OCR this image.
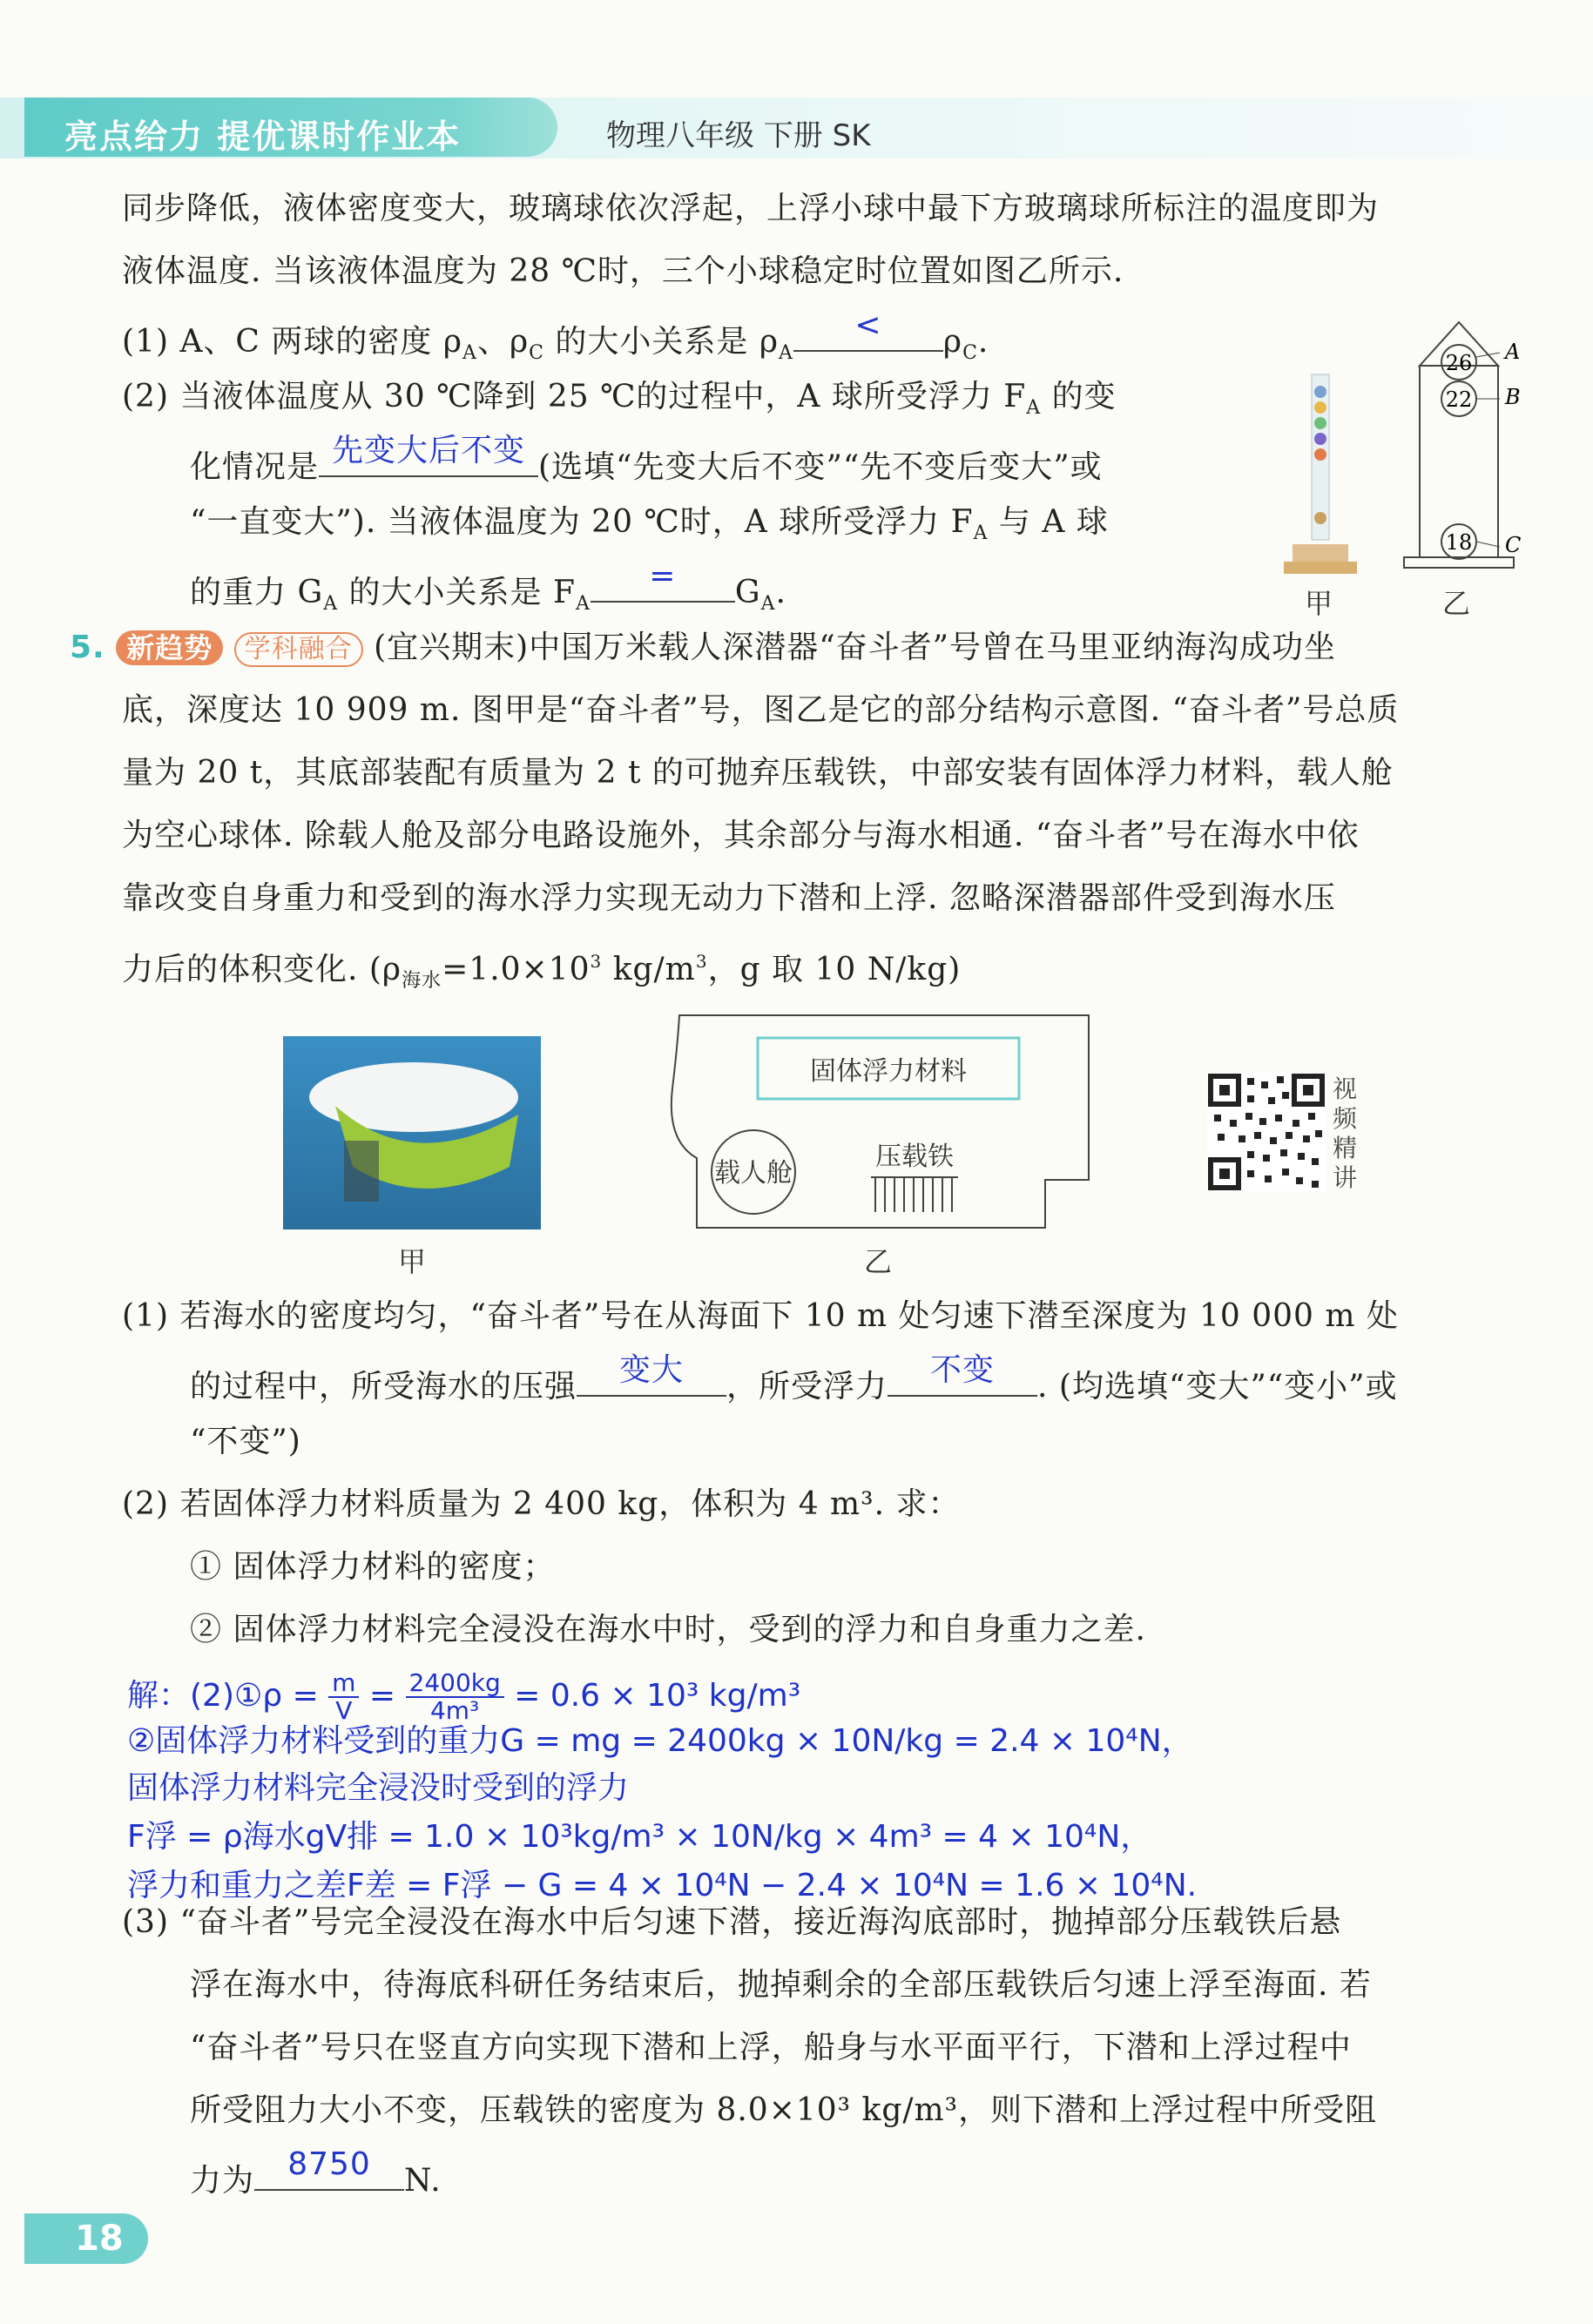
亮点给力 提优课时作业本	物理八年级 下册 SK
同步降低，液体密度变大，玻璃球依次浮起，上浮小球中最下方玻璃球所标注的温度即为
液体温度. 当该液体温度为 28 ℃时，三个小球稳定时位置如图乙所示.
(1) A、C 两球的密度 $\rho_A$、$\rho_C$ 的大小关系是 $\rho_A$
<	$\rho_C$.
(2) 当液体温度从 30 ℃降到 25 ℃的过程中，A 球所受浮力 $F_A$ 的变
化情况是 先变大后不变 (选填“先变大后不变”“先不变后变大”或
“一直变大”). 当液体温度为 20 ℃时，A 球所受浮力 $F_A$ 与 A 球
的重力 $G_A$ 的大小关系是 $F_A$
=	$G_A$.	甲
26
22
18
A
B
C
乙
5. 新趋势 学科融合 (宜兴期末)中国万米载人深潜器“奋斗者”号曾在马里亚纳海沟成功坐
底，深度达 10 909 m. 图甲是“奋斗者”号，图乙是它的部分结构示意图. “奋斗者”号总质
量为 20 t，其底部装配有质量为 2 t 的可抛弃压载铁，中部安装有固体浮力材料，载人舱
为空心球体. 除载人舱及部分电路设施外，其余部分与海水相通. “奋斗者”号在海水中依
靠改变自身重力和受到的海水浮力实现无动力下潜和上浮. 忽略深潜器部件受到海水压
力后的体积变化. ($\rho_{海水}=1.0\times 10^3$ $kg/m^3$，g 取 10 N/kg)
甲
固体浮力材料
载人舱
压载铁
乙
视频精讲
(1) 若海水的密度均匀，“奋斗者”号在从海面下 10 m 处匀速下潜至深度为 10 000 m 处
的过程中，所受海水的压强	变大	，所受浮力	不变	. (均选填“变大”“变小”或
“不变”)
(2) 若固体浮力材料质量为 2 400 kg，体积为 4 m³. 求：
① 固体浮力材料的密度；
② 固体浮力材料完全浸没在海水中时，受到的浮力和自身重力之差.
解：(2)①ρ = $\frac{m}{V} = \frac{2400kg}{\text{4m³}} = 0.6 \times 10^3$ kg/m³
②固体浮力材料受到的重力G = mg = 2400kg × 10N/kg = 2.4 × 10⁴N，
固体浮力材料完全浸没时受到的浮力
F浮 = ρ海水gV排 = 1.0 × 10³kg/m³ × 10N/kg × 4m³ = 4 × 10⁴N，
浮力和重力之差F差 = F浮 − G = 4 × 10⁴N − 2.4 × 10⁴N = 1.6 × 10⁴N.
(3) “奋斗者”号完全浸没在海水中后匀速下潜，接近海沟底部时，抛掉部分压载铁后悬
浮在海水中，待海底科研任务结束后，抛掉剩余的全部压载铁后匀速上浮至海面. 若
“奋斗者”号只在竖直方向实现下潜和上浮，船身与水平面平行，下潜和上浮过程中
所受阻力大小不变，压载铁的密度为 8.0×10³ kg/m³，则下潜和上浮过程中所受阻
力为	8750	N.
18
